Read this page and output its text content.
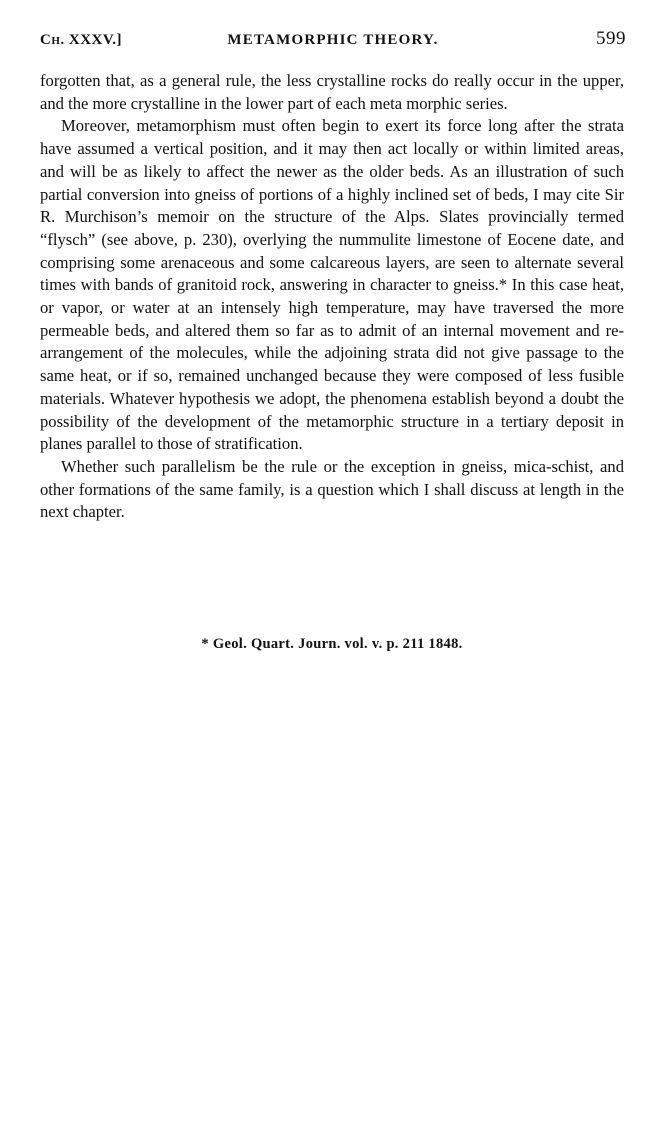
Ch. XXXV.]	METAMORPHIC THEORY.	599

forgotten that, as a general rule, the less crystalline rocks do really occur in the upper, and the more crystalline in the lower part of each meta morphic series.

Moreover, metamorphism must often begin to exert its force long after the strata have assumed a vertical position, and it may then act locally or within limited areas, and will be as likely to affect the newer as the older beds. As an illustration of such partial conversion into gneiss of portions of a highly inclined set of beds, I may cite Sir R. Murchison’s memoir on the structure of the Alps. Slates provincially termed “flysch” (see above, p. 230), overlying the nummulite limestone of Eocene date, and comprising some arenaceous and some calcareous layers, are seen to alternate several times with bands of granitoid rock, answering in character to gneiss.* In this case heat, or vapor, or water at an intensely high temperature, may have traversed the more permeable beds, and altered them so far as to admit of an internal movement and re-arrangement of the molecules, while the adjoining strata did not give passage to the same heat, or if so, remained unchanged because they were composed of less fusible materials. Whatever hypothesis we adopt, the phenomena establish beyond a doubt the possibility of the development of the metamorphic structure in a tertiary deposit in planes parallel to those of stratification.

Whether such parallelism be the rule or the exception in gneiss, mica-schist, and other formations of the same family, is a question which I shall discuss at length in the next chapter.

* Geol. Quart. Journ. vol. v. p. 211 1848.
